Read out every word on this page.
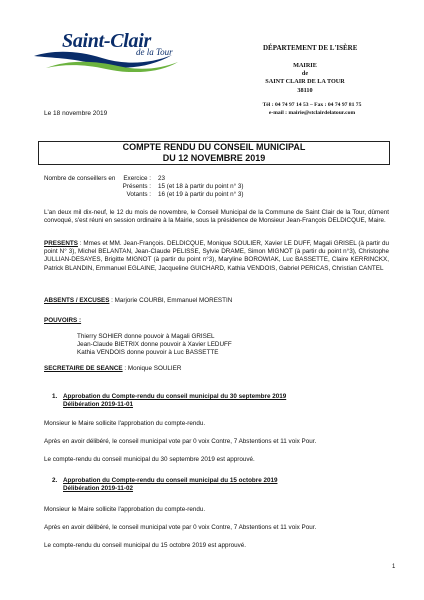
Saint-Clair
de la Tour	DÉPARTEMENT DE L'ISÈRE
MAIRIE
de
SAINT CLAIR DE LA TOUR
38110
Tél : 04 74 97 14 53 – Fax : 04 74 97 81 75
e-mail : mairie@stclairdelatour.com
Le 18 novembre 2019
COMPTE RENDU DU CONSEIL MUNICIPAL
DU 12 NOVEMBRE 2019
Nombre de conseillers en	Exercice :
Présents :
Votants :
23
15 (et 18 à partir du point n° 3)
16 (et 19 à partir du point n° 3)
L'an deux mil dix-neuf, le 12 du mois de novembre, le Conseil Municipal de la Commune de Saint Clair de la Tour, dûment convoqué, s'est réuni en session ordinaire à la Mairie, sous la présidence de Monsieur Jean-François DELDICQUE, Maire.
PRESENTS : Mmes et MM. Jean-François. DELDICQUE, Monique SOULIER, Xavier LE DUFF, Magali GRISEL (à partir du point N° 3), Michel BELANTAN, Jean-Claude PELISSE, Sylvie DRAME, Simon MIGNOT (à partir du point n°3), Christophe JULLIAN-DESAYES, Brigitte MIGNOT (à partir du point n°3), Maryline BOROWIAK, Luc BASSETTE, Claire KERRINCKX, Patrick BLANDIN, Emmanuel EGLAINE, Jacqueline GUICHARD, Kathia VENDOIS, Gabriel PERICAS, Christian CANTEL
ABSENTS / EXCUSES : Marjorie COURBI, Emmanuel MORESTIN
POUVOIRS :
Thierry SOHIER donne pouvoir à Magali GRISEL
Jean-Claude BIETRIX donne pouvoir à Xavier LEDUFF
Kathia VENDOIS donne pouvoir à Luc BASSETTE
SECRETAIRE DE SEANCE : Monique SOULIER
1. Approbation du Compte-rendu du conseil municipal du 30 septembre 2019
Délibération 2019-11-01
Monsieur le Maire sollicite l'approbation du compte-rendu.
Après en avoir délibéré, le conseil municipal vote par 0 voix Contre, 7 Abstentions et 11 voix Pour.
Le compte-rendu du conseil municipal du 30 septembre 2019 est approuvé.
2. Approbation du Compte-rendu du conseil municipal du 15 octobre 2019
Délibération 2019-11-02
Monsieur le Maire sollicite l'approbation du compte-rendu.
Après en avoir délibéré, le conseil municipal vote par 0 voix Contre, 7 Abstentions et 11 voix Pour.
Le compte-rendu du conseil municipal du 15 octobre 2019 est approuvé.
1
